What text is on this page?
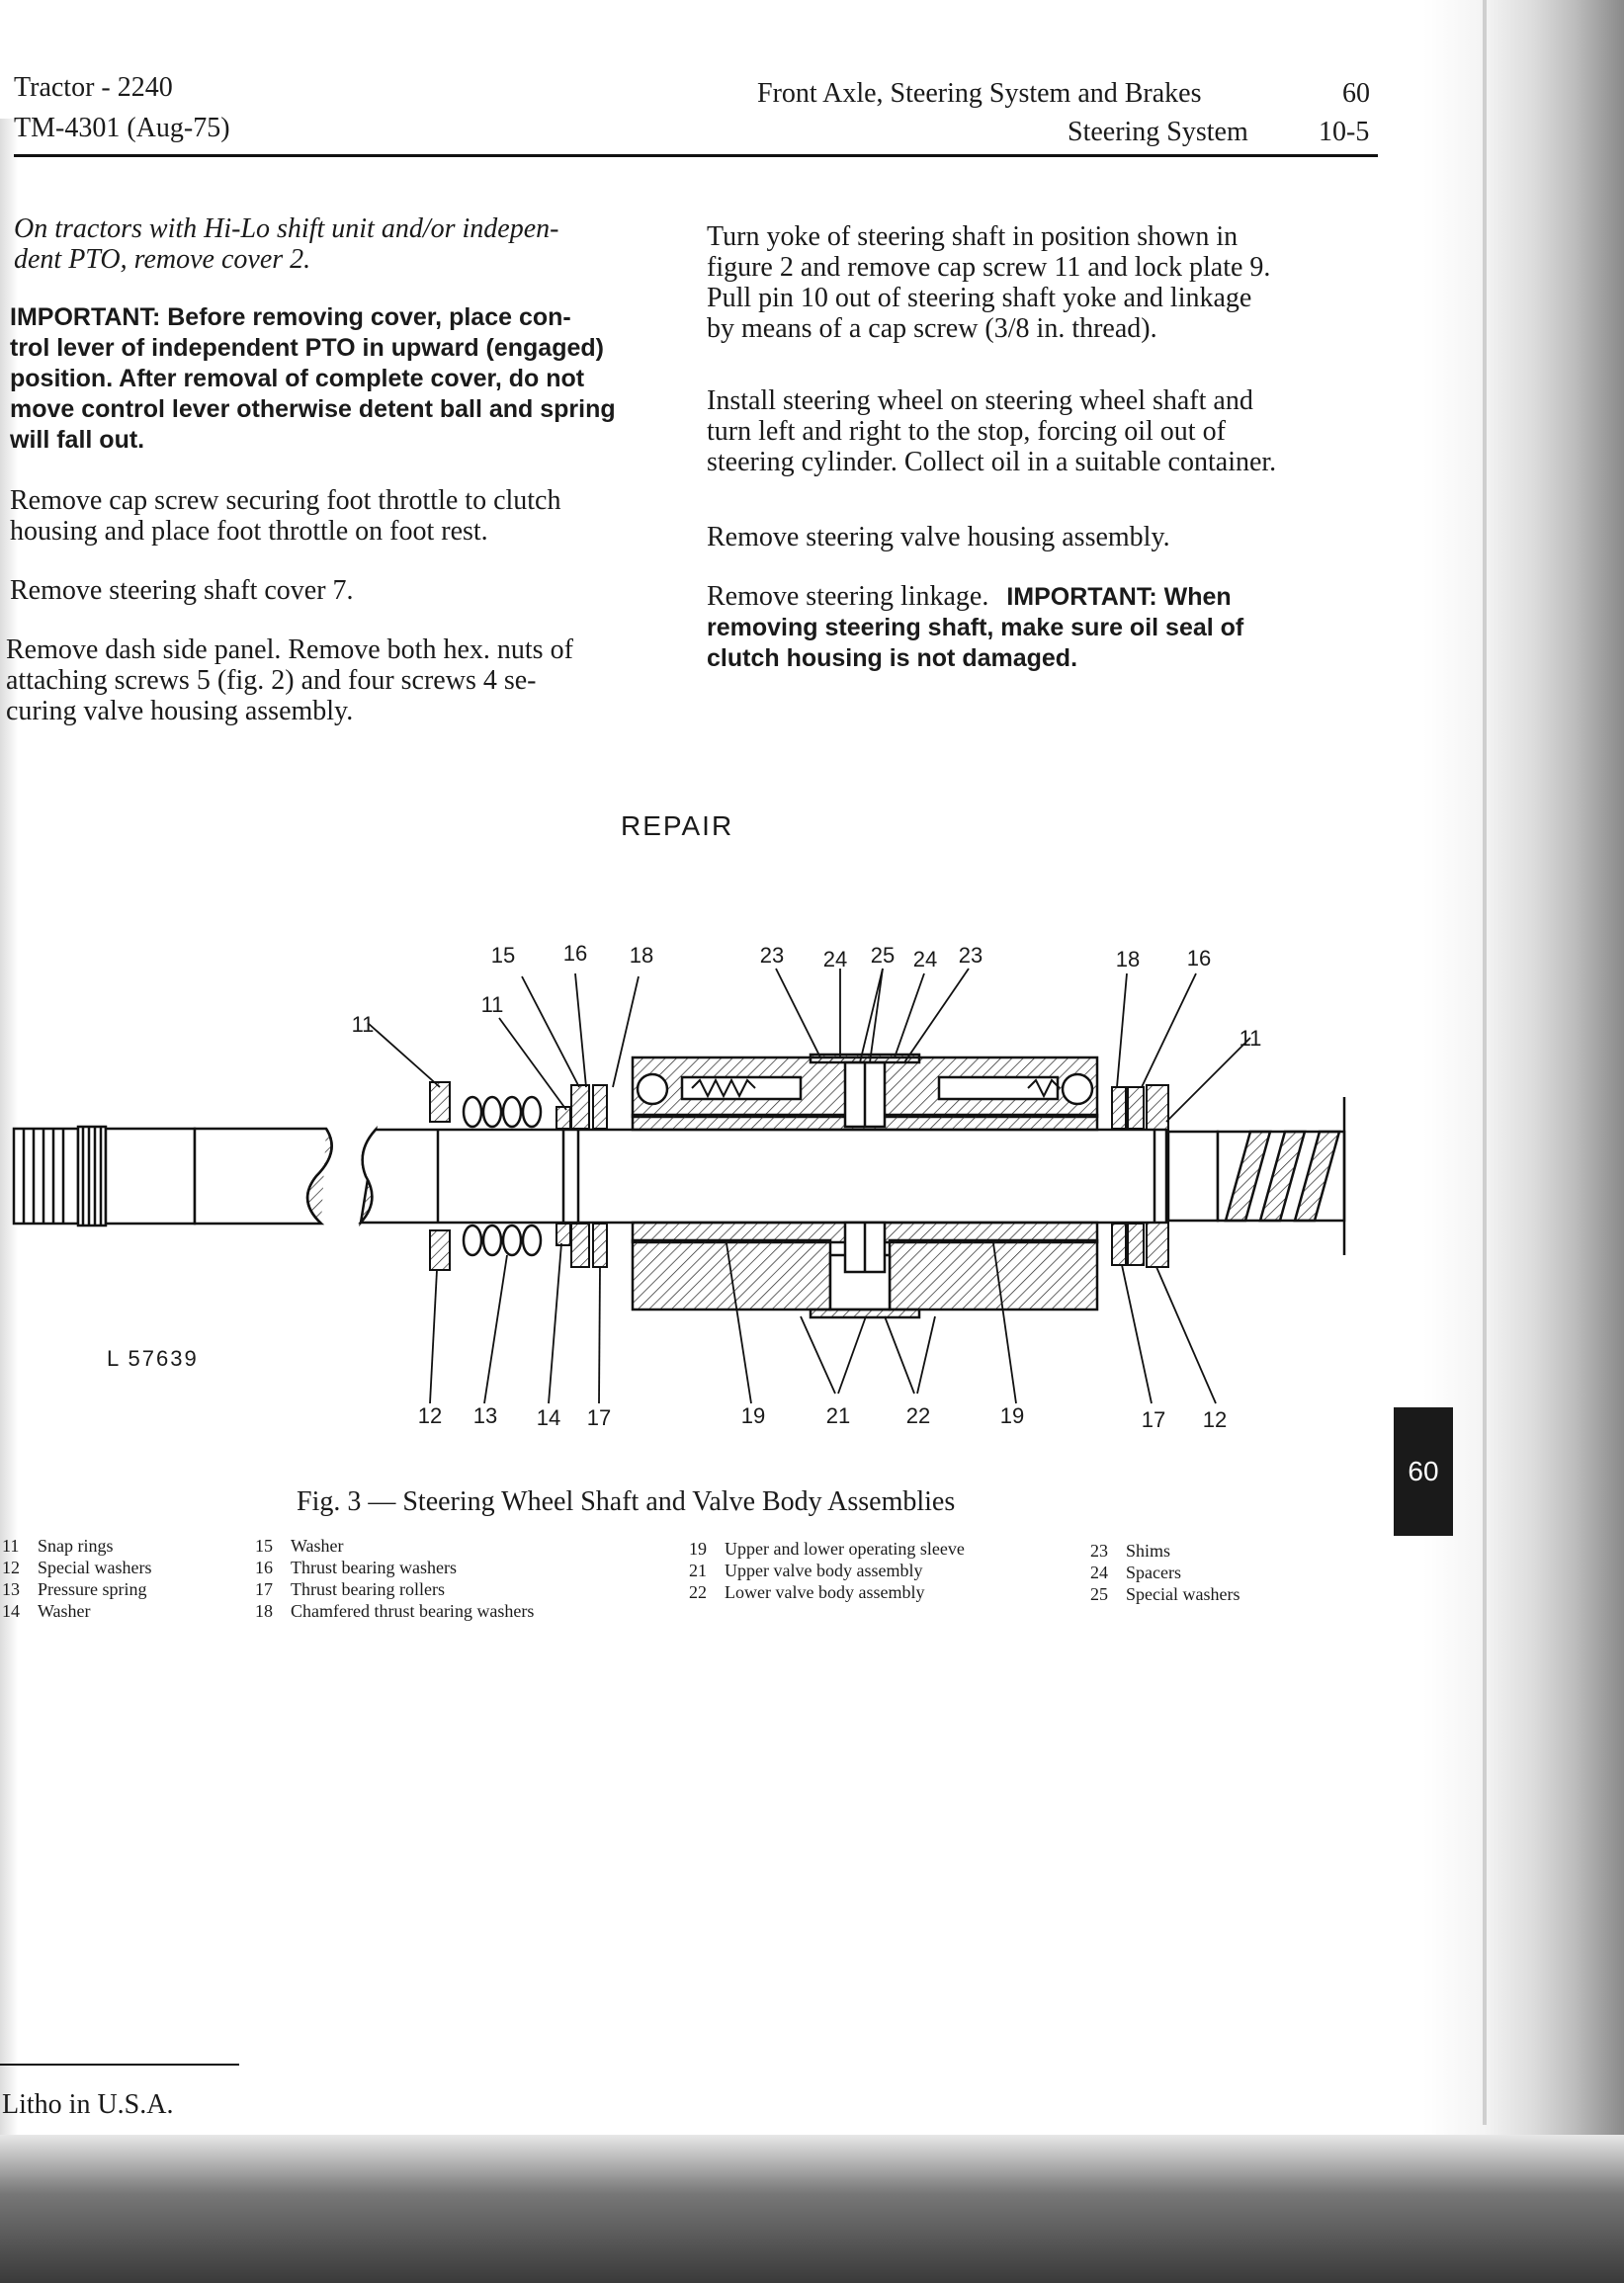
Tractor - 2240
TM-4301 (Aug-75)
Front Axle, Steering System and Brakes	60
Steering System	10-5
On tractors with Hi-Lo shift unit and/or indepen-
dent PTO, remove cover 2.
IMPORTANT: Before removing cover, place con-
trol lever of independent PTO in upward (engaged)
position. After removal of complete cover, do not
move control lever otherwise detent ball and spring
will fall out.
Remove cap screw securing foot throttle to clutch
housing and place foot throttle on foot rest.
Remove steering shaft cover 7.
Remove dash side panel. Remove both hex. nuts of
attaching screws 5 (fig. 2) and four screws 4 se-
curing valve housing assembly.
Turn yoke of steering shaft in position shown in
figure 2 and remove cap screw 11 and lock plate 9.
Pull pin 10 out of steering shaft yoke and linkage
by means of a cap screw (3/8 in. thread).
Install steering wheel on steering wheel shaft and
turn left and right to the stop, forcing oil out of
steering cylinder. Collect oil in a suitable container.
Remove steering valve housing assembly.
Remove steering linkage. IMPORTANT: When
removing steering shaft, make sure oil seal of
clutch housing is not damaged.
REPAIR
15 16 18	23 24 25 24 23	18 16
11
11
11
12 13 14 17	19	21	22	19	17 12
L 57639
Fig. 3 — Steering Wheel Shaft and Valve Body Assemblies
11 Snap rings
12 Special washers
13 Pressure spring
14 Washer
15 Washer
16 Thrust bearing washers
17 Thrust bearing rollers
18 Chamfered thrust bearing washers
19 Upper and lower operating sleeve
21 Upper valve body assembly
22 Lower valve body assembly
23 Shims
24 Spacers
25 Special washers
60
Litho in U.S.A.
